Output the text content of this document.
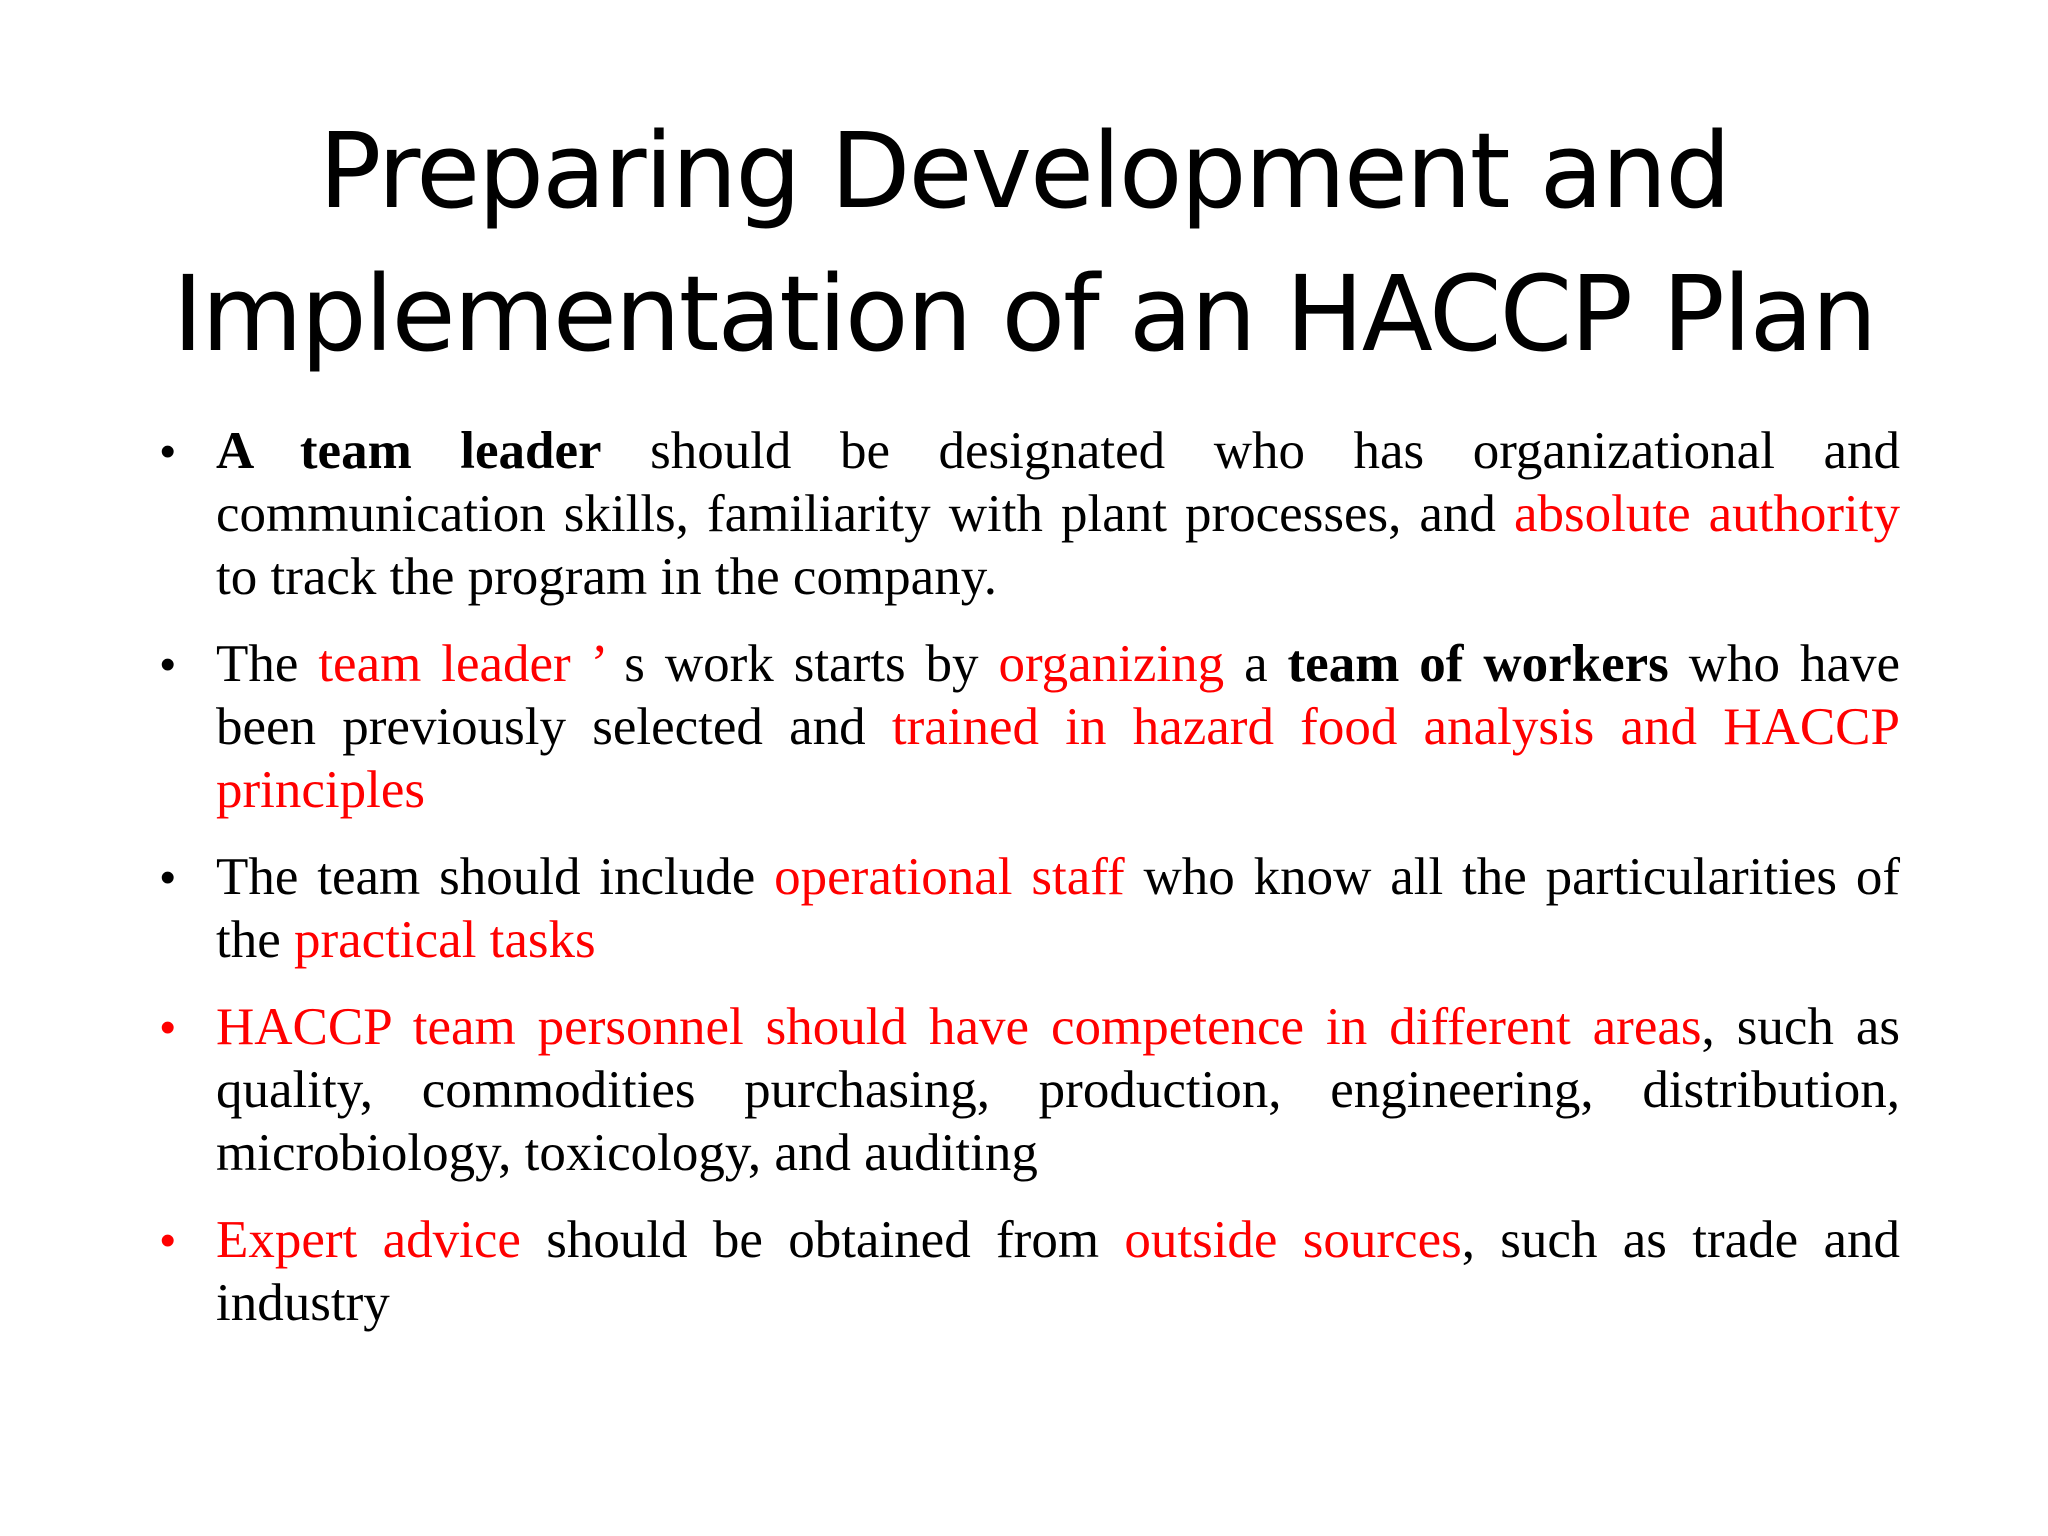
Preparing Development and
Implementation of an HACCP Plan
• A team leader should be designated who has organizational and communication skills, familiarity with plant processes, and absolute authority to track the program in the company.
• The team leader ’ s work starts by organizing a team of workers who have been previously selected and trained in hazard food analysis and HACCP principles
• The team should include operational staff who know all the particularities of the practical tasks
• HACCP team personnel should have competence in different areas, such as quality, commodities purchasing, production, engineering, distribution, microbiology, toxicology, and auditing
• Expert advice should be obtained from outside sources, such as trade and industry
